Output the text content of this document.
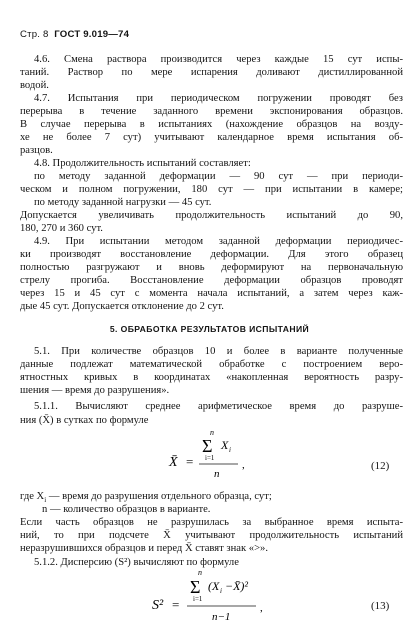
Стр. 8 ГОСТ 9.019—74
4.6. Смена раствора производится через каждые 15 сут испы-
таний. Раствор по мере испарения доливают дистиллированной
водой.
4.7. Испытания при периодическом погружении проводят без
перерыва в течение заданного времени экспонирования образцов.
В случае перерыва в испытаниях (нахождение образцов на возду-
хе не более 7 сут) учитывают календарное время испытания об-
разцов.
4.8. Продолжительность испытаний составляет:
по методу заданной деформации — 90 сут — при периоди-
ческом и полном погружении, 180 сут — при испытании в камере;
по методу заданной нагрузки — 45 сут.
Допускается увеличивать продолжительность испытаний до 90,
180, 270 и 360 сут.
4.9. При испытании методом заданной деформации периодичес-
ки производят восстановление деформации. Для этого образец
полностью разгружают и вновь деформируют на первоначальную
стрелу прогиба. Восстановление деформации образцов проводят
через 15 и 45 сут с момента начала испытаний, а затем через каж-
дые 45 сут. Допускается отклонение до 2 сут.
5. ОБРАБОТКА РЕЗУЛЬТАТОВ ИСПЫТАНИЙ
5.1. При количестве образцов 10 и более в варианте полученные
данные подлежат математической обработке с построением веро-
ятностных кривых в координатах «накопленная вероятность разру-
шения — время до разрушения».
5.1.1. Вычисляют среднее арифметическое время до разруше-
ния (X̄) в сутках по формуле
X̄ =
n
Σ
i=1
X i
n
,	(12)
где $X_i$ — время до разрушения отдельного образца, сут;
n — количество образцов в варианте.
Если часть образцов не разрушилась за выбранное время испыта-
ний, то при подсчете X̄ учитывают продолжительность испытаний
неразрушившихся образцов и перед X̄ ставят знак «>».
5.1.2. Дисперсию (S²) вычисляют по формуле
S² =
n
Σ
i=1
(X i −X̄)²
n−1
,	(13)
